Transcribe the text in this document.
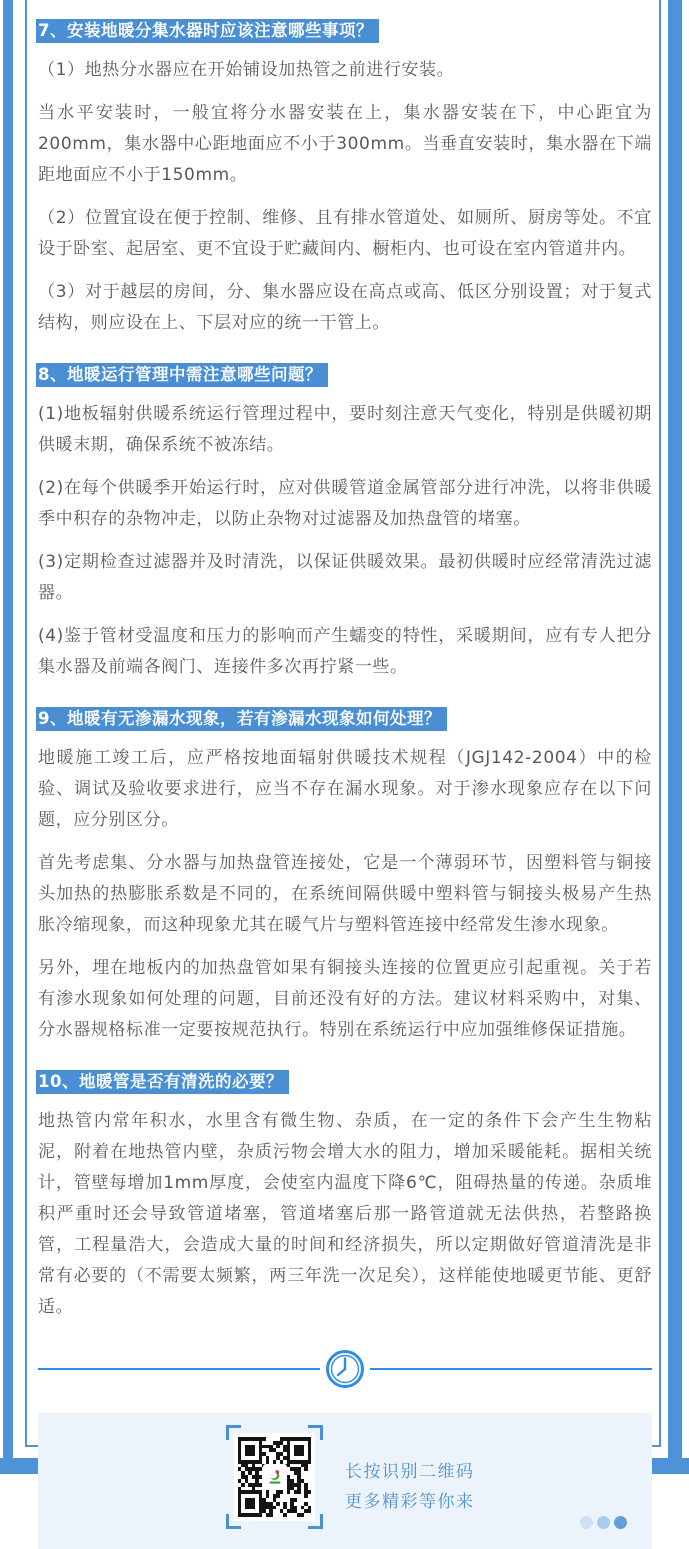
7、安装地暖分集水器时应该注意哪些事项？

（1）地热分水器应在开始铺设加热管之前进行安装。

当水平安装时，一般宜将分水器安装在上，集水器安装在下，中心距宜为200mm，集水器中心距地面应不小于300mm。当垂直安装时，集水器在下端距地面应不小于150mm。

（2）位置宜设在便于控制、维修、且有排水管道处、如厕所、厨房等处。不宜设于卧室、起居室、更不宜设于贮藏间内、橱柜内、也可设在室内管道井内。

（3）对于越层的房间，分、集水器应设在高点或高、低区分别设置；对于复式结构，则应设在上、下层对应的统一干管上。

8、地暖运行管理中需注意哪些问题？

(1)地板辐射供暖系统运行管理过程中，要时刻注意天气变化，特别是供暖初期供暖末期，确保系统不被冻结。

(2)在每个供暖季开始运行时，应对供暖管道金属管部分进行冲洗，以将非供暖季中积存的杂物冲走，以防止杂物对过滤器及加热盘管的堵塞。

(3)定期检查过滤器并及时清洗，以保证供暖效果。最初供暖时应经常清洗过滤器。

(4)鉴于管材受温度和压力的影响而产生蠕变的特性，采暖期间，应有专人把分集水器及前端各阀门、连接件多次再拧紧一些。

9、地暖有无渗漏水现象，若有渗漏水现象如何处理？

地暖施工竣工后，应严格按地面辐射供暖技术规程（JGJ142-2004）中的检验、调试及验收要求进行，应当不存在漏水现象。对于渗水现象应存在以下问题，应分别区分。

首先考虑集、分水器与加热盘管连接处，它是一个薄弱环节，因塑料管与铜接头加热的热膨胀系数是不同的，在系统间隔供暖中塑料管与铜接头极易产生热胀冷缩现象，而这种现象尤其在暖气片与塑料管连接中经常发生渗水现象。

另外，埋在地板内的加热盘管如果有铜接头连接的位置更应引起重视。关于若有渗水现象如何处理的问题，目前还没有好的方法。建议材料采购中，对集、分水器规格标准一定要按规范执行。特别在系统运行中应加强维修保证措施。

10、地暖管是否有清洗的必要？

地热管内常年积水，水里含有微生物、杂质，在一定的条件下会产生生物粘泥，附着在地热管内壁，杂质污物会增大水的阻力，增加采暖能耗。据相关统计，管壁每增加1mm厚度，会使室内温度下降6℃，阻碍热量的传递。杂质堆积严重时还会导致管道堵塞，管道堵塞后那一路管道就无法供热，若整路换管，工程量浩大，会造成大量的时间和经济损失，所以定期做好管道清洗是非常有必要的（不需要太频繁，两三年洗一次足矣），这样能使地暖更节能、更舒适。

长按识别二维码
更多精彩等你来
